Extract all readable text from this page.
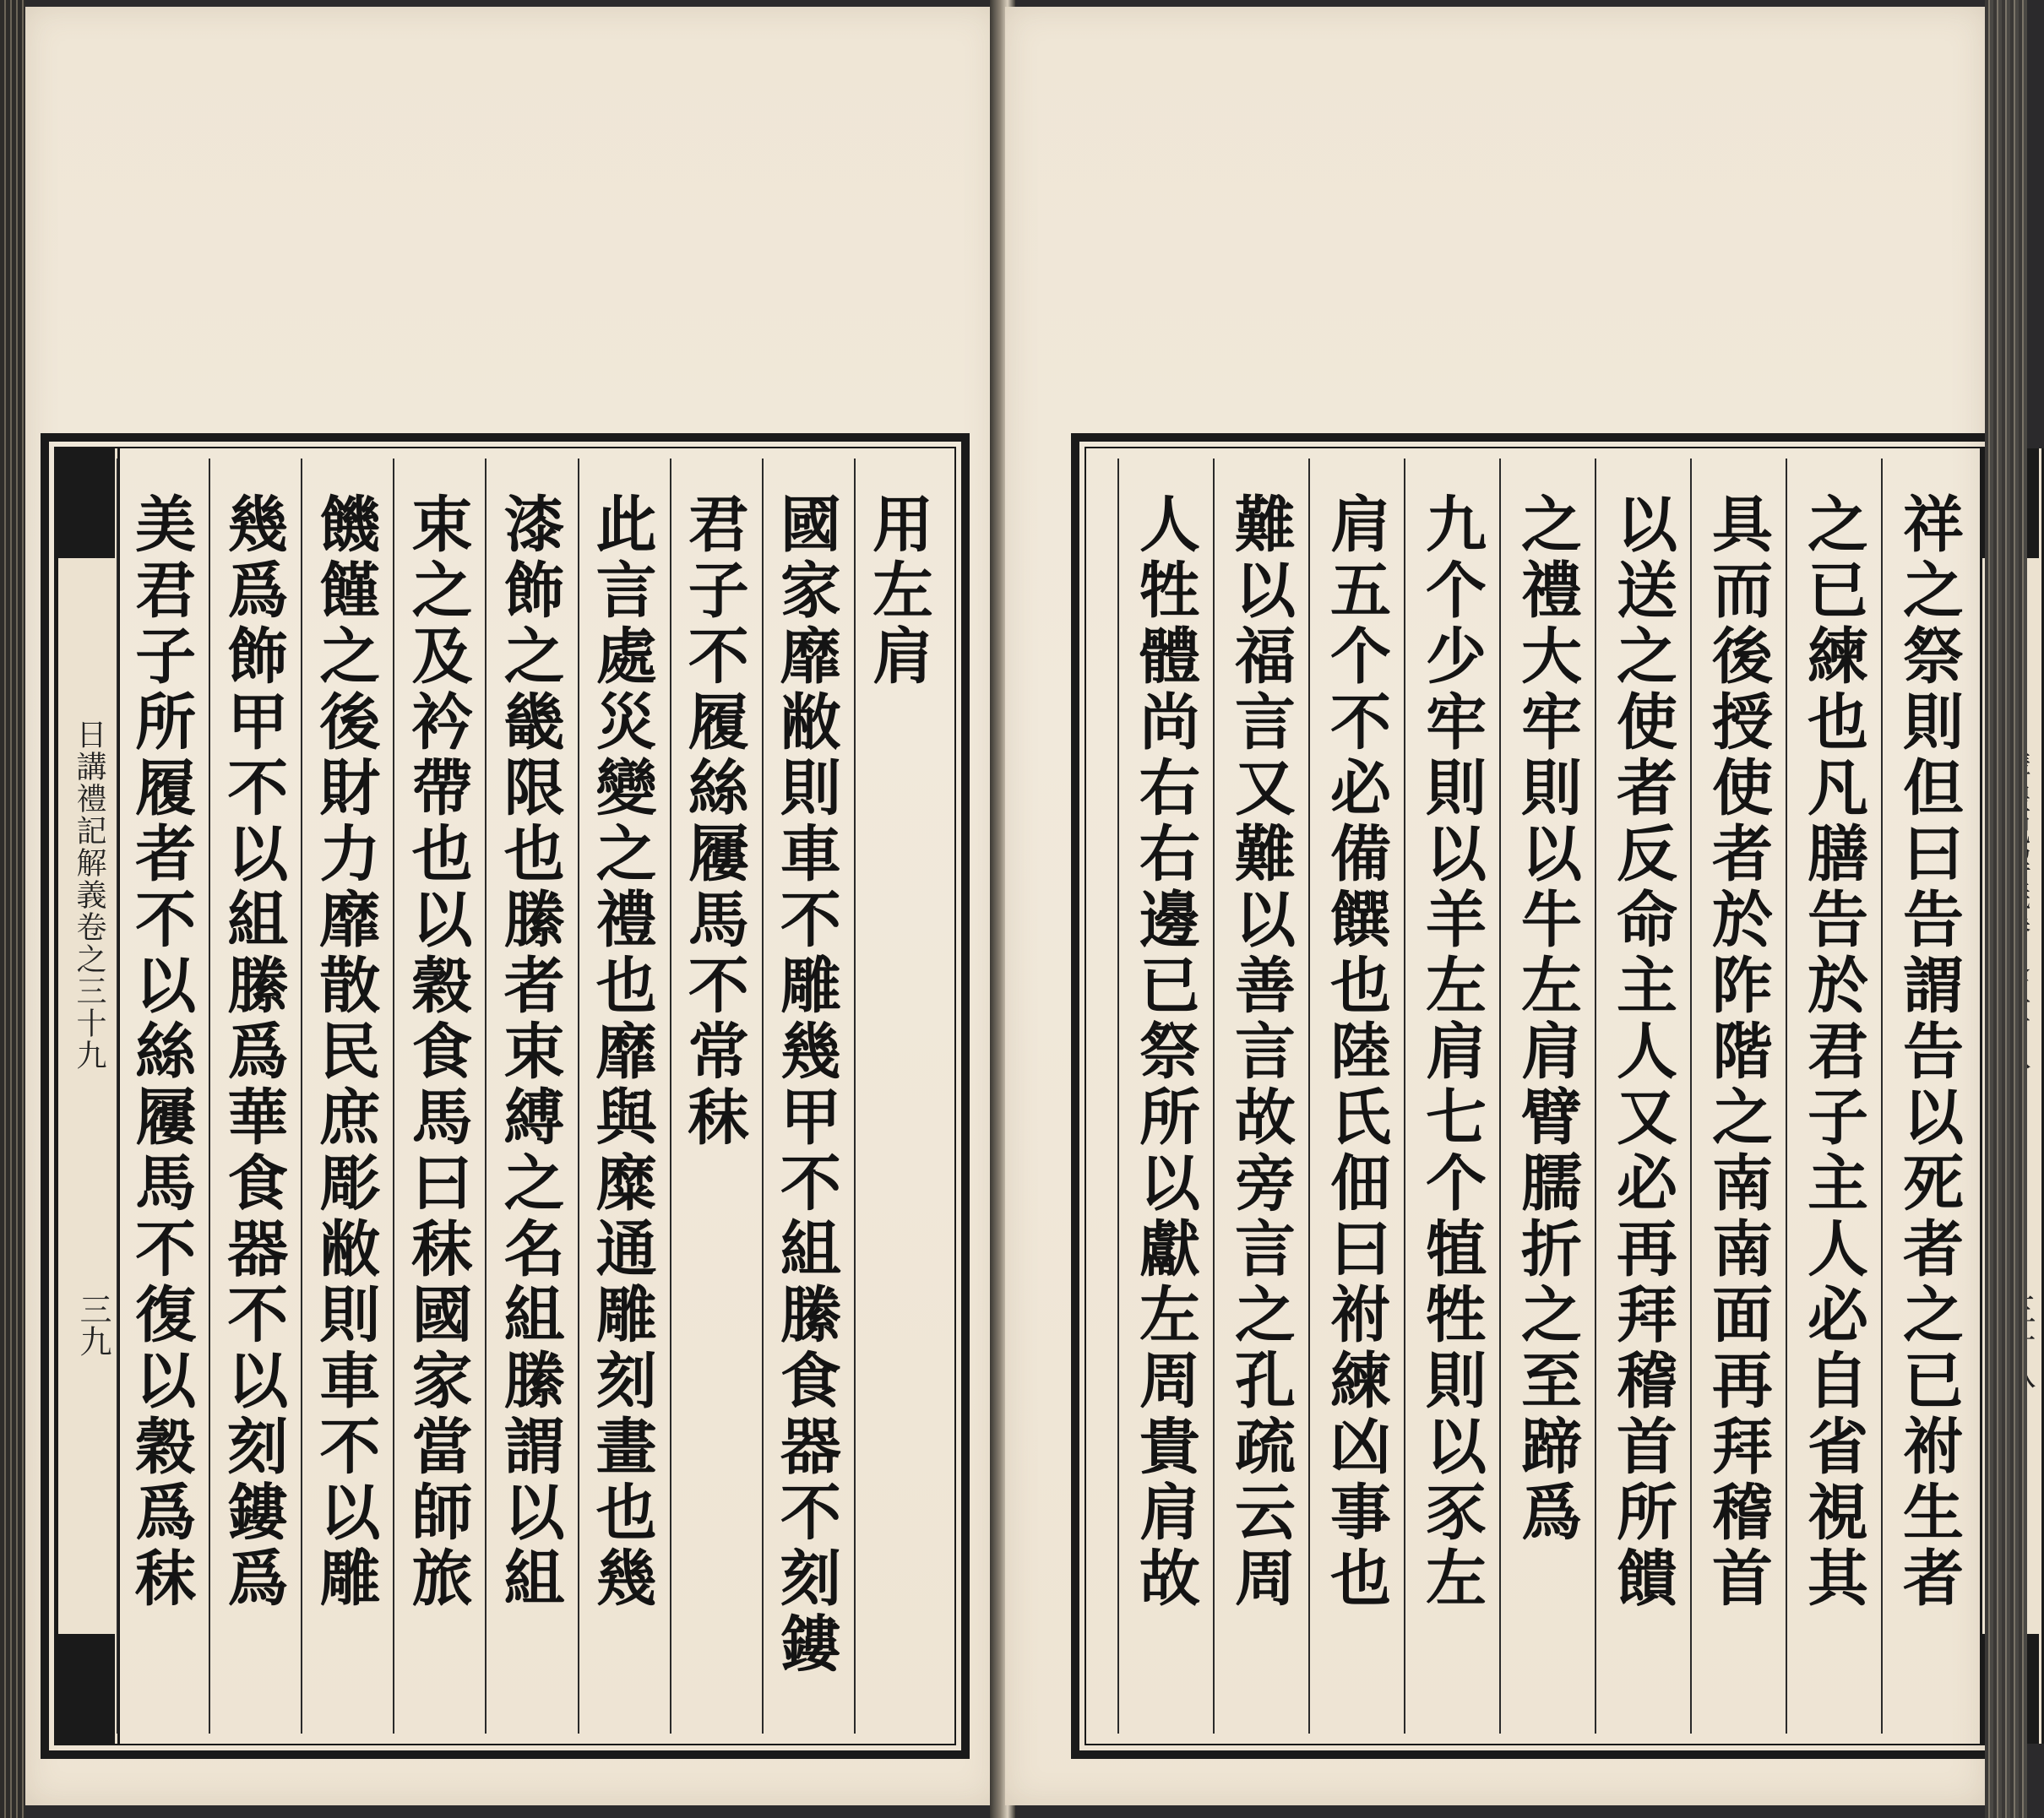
日講禮記解義卷之三十九
三九
用左肩
國家靡敝則車不雕幾甲不組縢食器不刻鏤
君子不履絲屨馬不常秣
此言處災變之禮也靡與糜通雕刻畫也幾
漆飾之畿限也縢者束縛之名組縢謂以組
束之及衿帶也以穀食馬曰秣國家當師旅
饑饉之後財力靡散民庶彫敝則車不以雕
幾爲飾甲不以組縢爲華食器不以刻鏤爲
美君子所履者不以絲屨馬不復以穀爲秣	祥之祭則但曰告謂告以死者之已祔生者
之已練也凡膳告於君子主人必自省視其
具而後授使者於阼階之南南面再拜稽首
以送之使者反命主人又必再拜稽首所饋
之禮大牢則以牛左肩臂臑折之至蹄爲
九个少牢則以羊左肩七个犆牲則以豕左
肩五个不必備饌也陸氏佃曰祔練凶事也
難以福言又難以善言故旁言之孔疏云周
人牲體尚右右邊已祭所以獻左周貴肩故
